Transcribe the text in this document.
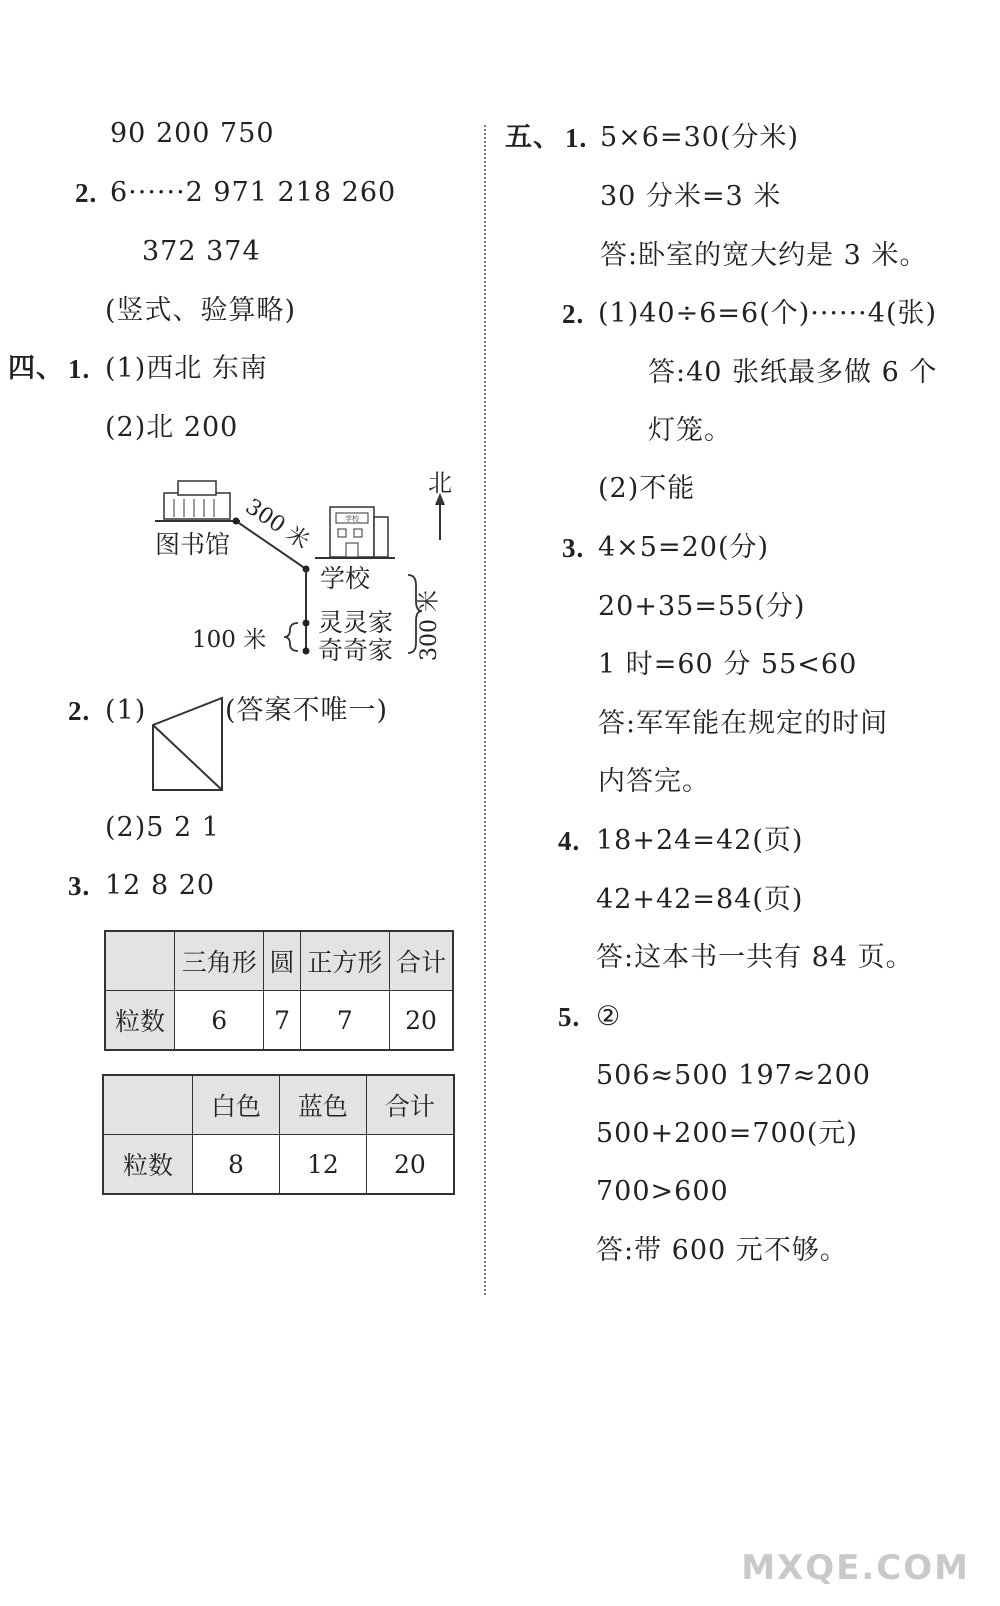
90 200 750
2. 6······2 971 218 260
372 374
(竖式、验算略)
四、 1. (1)西北 东南
(2)北 200
学校
北
图书馆 300 米
学校
灵灵家
奇奇家
100 米	300 米
2. (1)	(答案不唯一)
(2)5 2 1
3. 12 8 20
	三角形	圆	正方形	合计
粒数	6	7	7	20
	白色	蓝色	合计
粒数	8	12	20
五、 1. 5×6=30(分米)
30 分米=3 米
答:卧室的宽大约是 3 米。
2. (1)40÷6=6(个)······4(张)
答:40 张纸最多做 6 个
灯笼。
(2)不能
3. 4×5=20(分)
20+35=55(分)
1 时=60 分 55<60
答:军军能在规定的时间
内答完。
4. 18+24=42(页)
42+42=84(页)
答:这本书一共有 84 页。
5. ②
506≈500 197≈200
500+200=700(元)
700>600
答:带 600 元不够。
MXQE.COM
